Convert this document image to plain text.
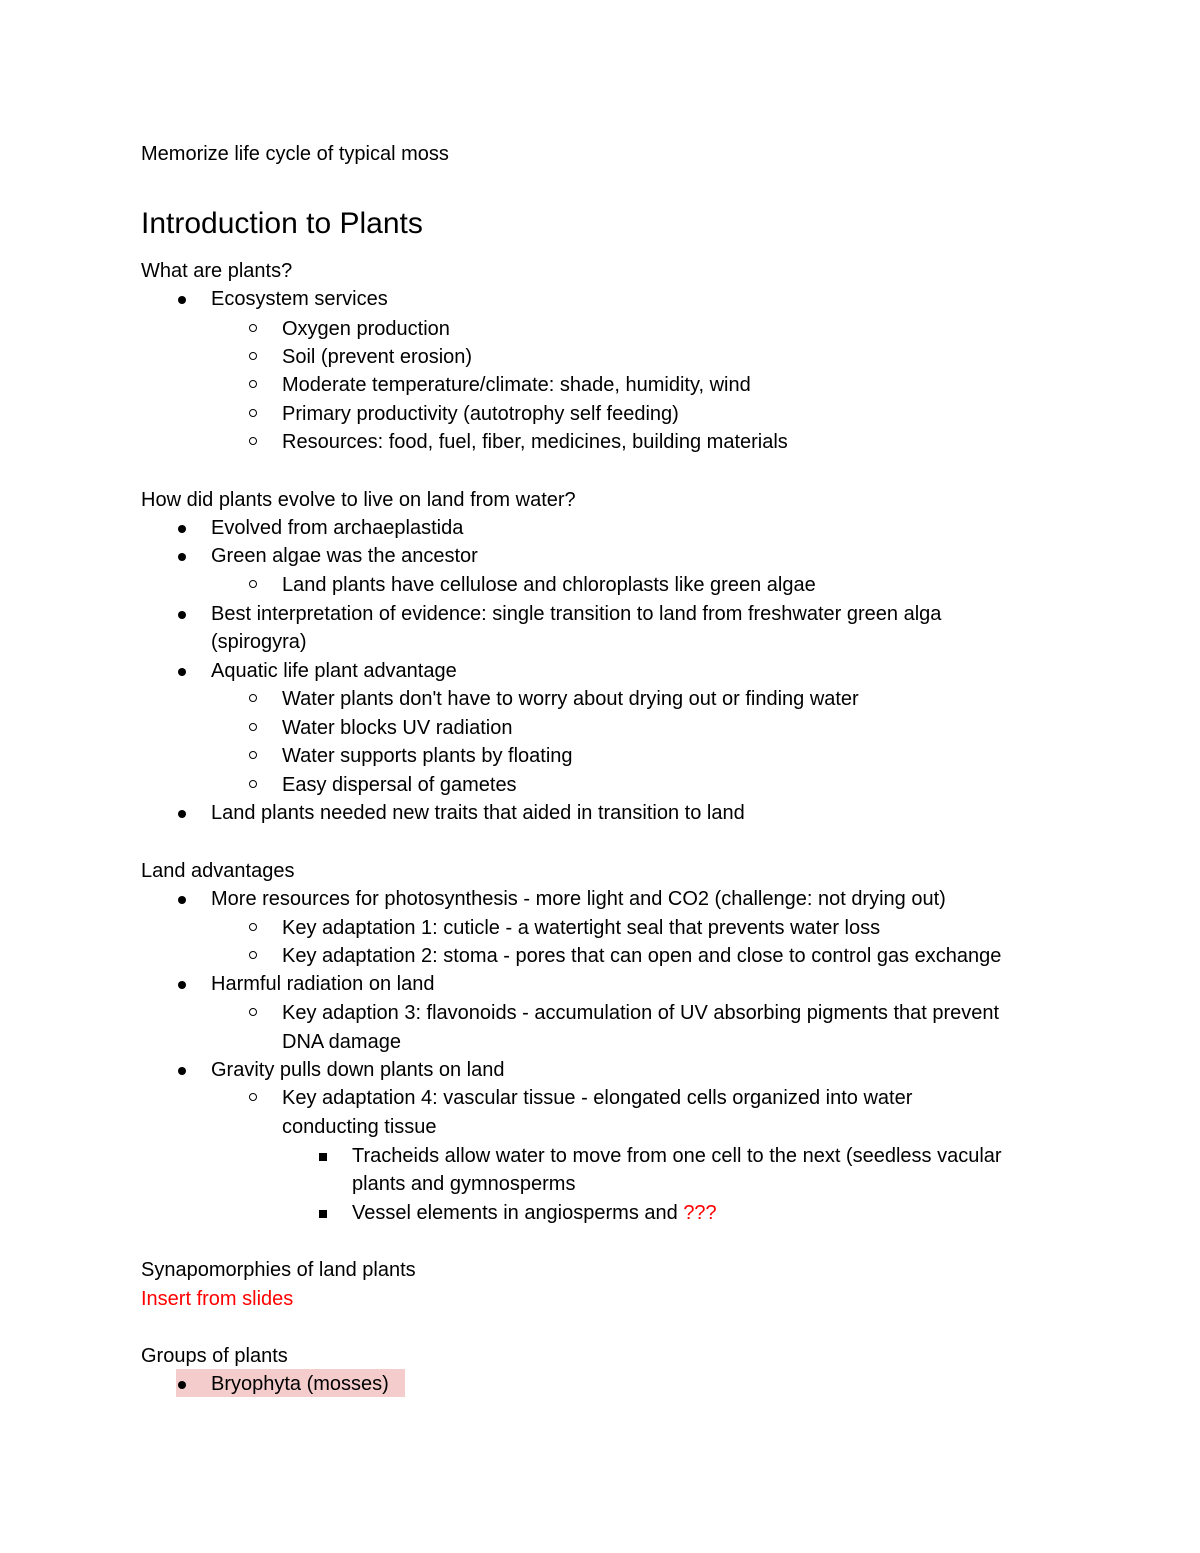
Memorize life cycle of typical moss
Introduction to Plants
What are plants?
Ecosystem services
Oxygen production
Soil (prevent erosion)
Moderate temperature/climate: shade, humidity, wind
Primary productivity (autotrophy self feeding)
Resources: food, fuel, fiber, medicines, building materials
How did plants evolve to live on land from water?
Evolved from archaeplastida
Green algae was the ancestor
Land plants have cellulose and chloroplasts like green algae
Best interpretation of evidence: single transition to land from freshwater green alga
(spirogyra)
Aquatic life plant advantage
Water plants don't have to worry about drying out or finding water
Water blocks UV radiation
Water supports plants by floating
Easy dispersal of gametes
Land plants needed new traits that aided in transition to land
Land advantages
More resources for photosynthesis - more light and CO2 (challenge: not drying out)
Key adaptation 1: cuticle - a watertight seal that prevents water loss
Key adaptation 2: stoma - pores that can open and close to control gas exchange
Harmful radiation on land
Key adaption 3: flavonoids - accumulation of UV absorbing pigments that prevent
DNA damage
Gravity pulls down plants on land
Key adaptation 4: vascular tissue - elongated cells organized into water
conducting tissue
Tracheids allow water to move from one cell to the next (seedless vacular
plants and gymnosperms
Vessel elements in angiosperms and ???
Synapomorphies of land plants
Insert from slides
Groups of plants
Bryophyta (mosses)
